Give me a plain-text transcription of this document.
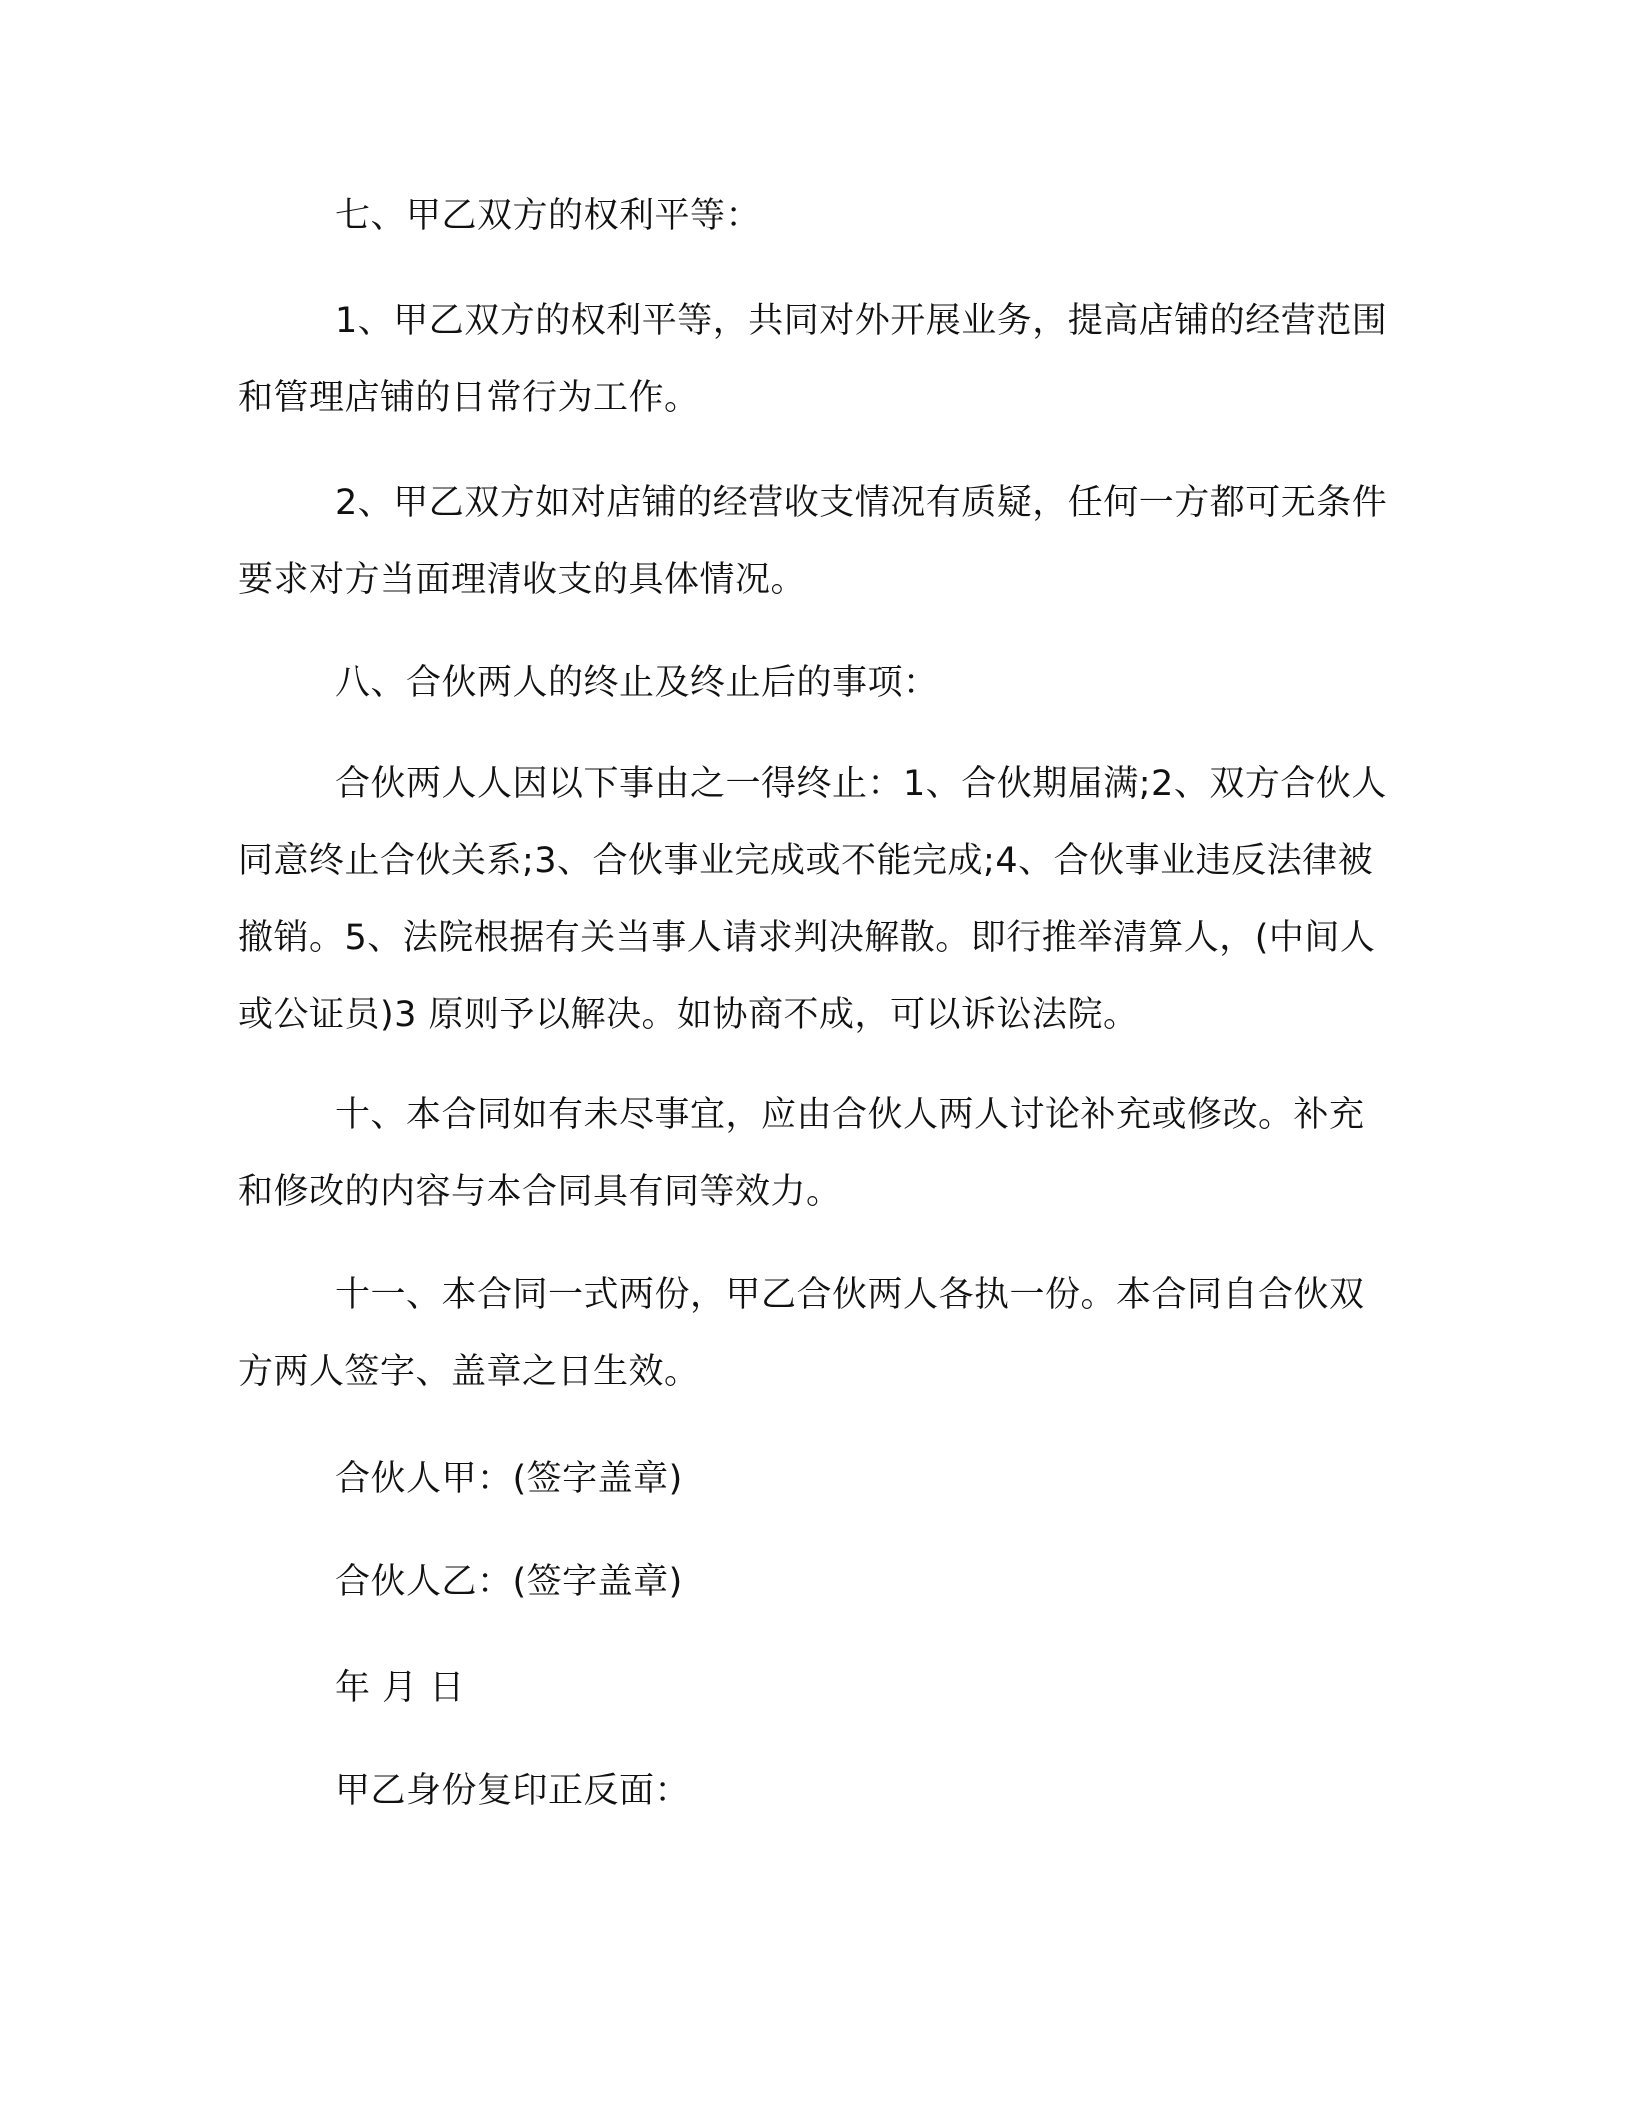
七、甲乙双方的权利平等：
1、甲乙双方的权利平等，共同对外开展业务，提高店铺的经营范围和管理店铺的日常行为工作。
2、甲乙双方如对店铺的经营收支情况有质疑，任何一方都可无条件要求对方当面理清收支的具体情况。
八、合伙两人的终止及终止后的事项：
合伙两人人因以下事由之一得终止：1、合伙期届满;2、双方合伙人同意终止合伙关系;3、合伙事业完成或不能完成;4、合伙事业违反法律被撤销。5、法院根据有关当事人请求判决解散。即行推举清算人，(中间人或公证员)3 原则予以解决。如协商不成，可以诉讼法院。
十、本合同如有未尽事宜，应由合伙人两人讨论补充或修改。补充和修改的内容与本合同具有同等效力。
十一、本合同一式两份，甲乙合伙两人各执一份。本合同自合伙双方两人签字、盖章之日生效。
合伙人甲：(签字盖章)
合伙人乙：(签字盖章)
年 月 日
甲乙身份复印正反面：
